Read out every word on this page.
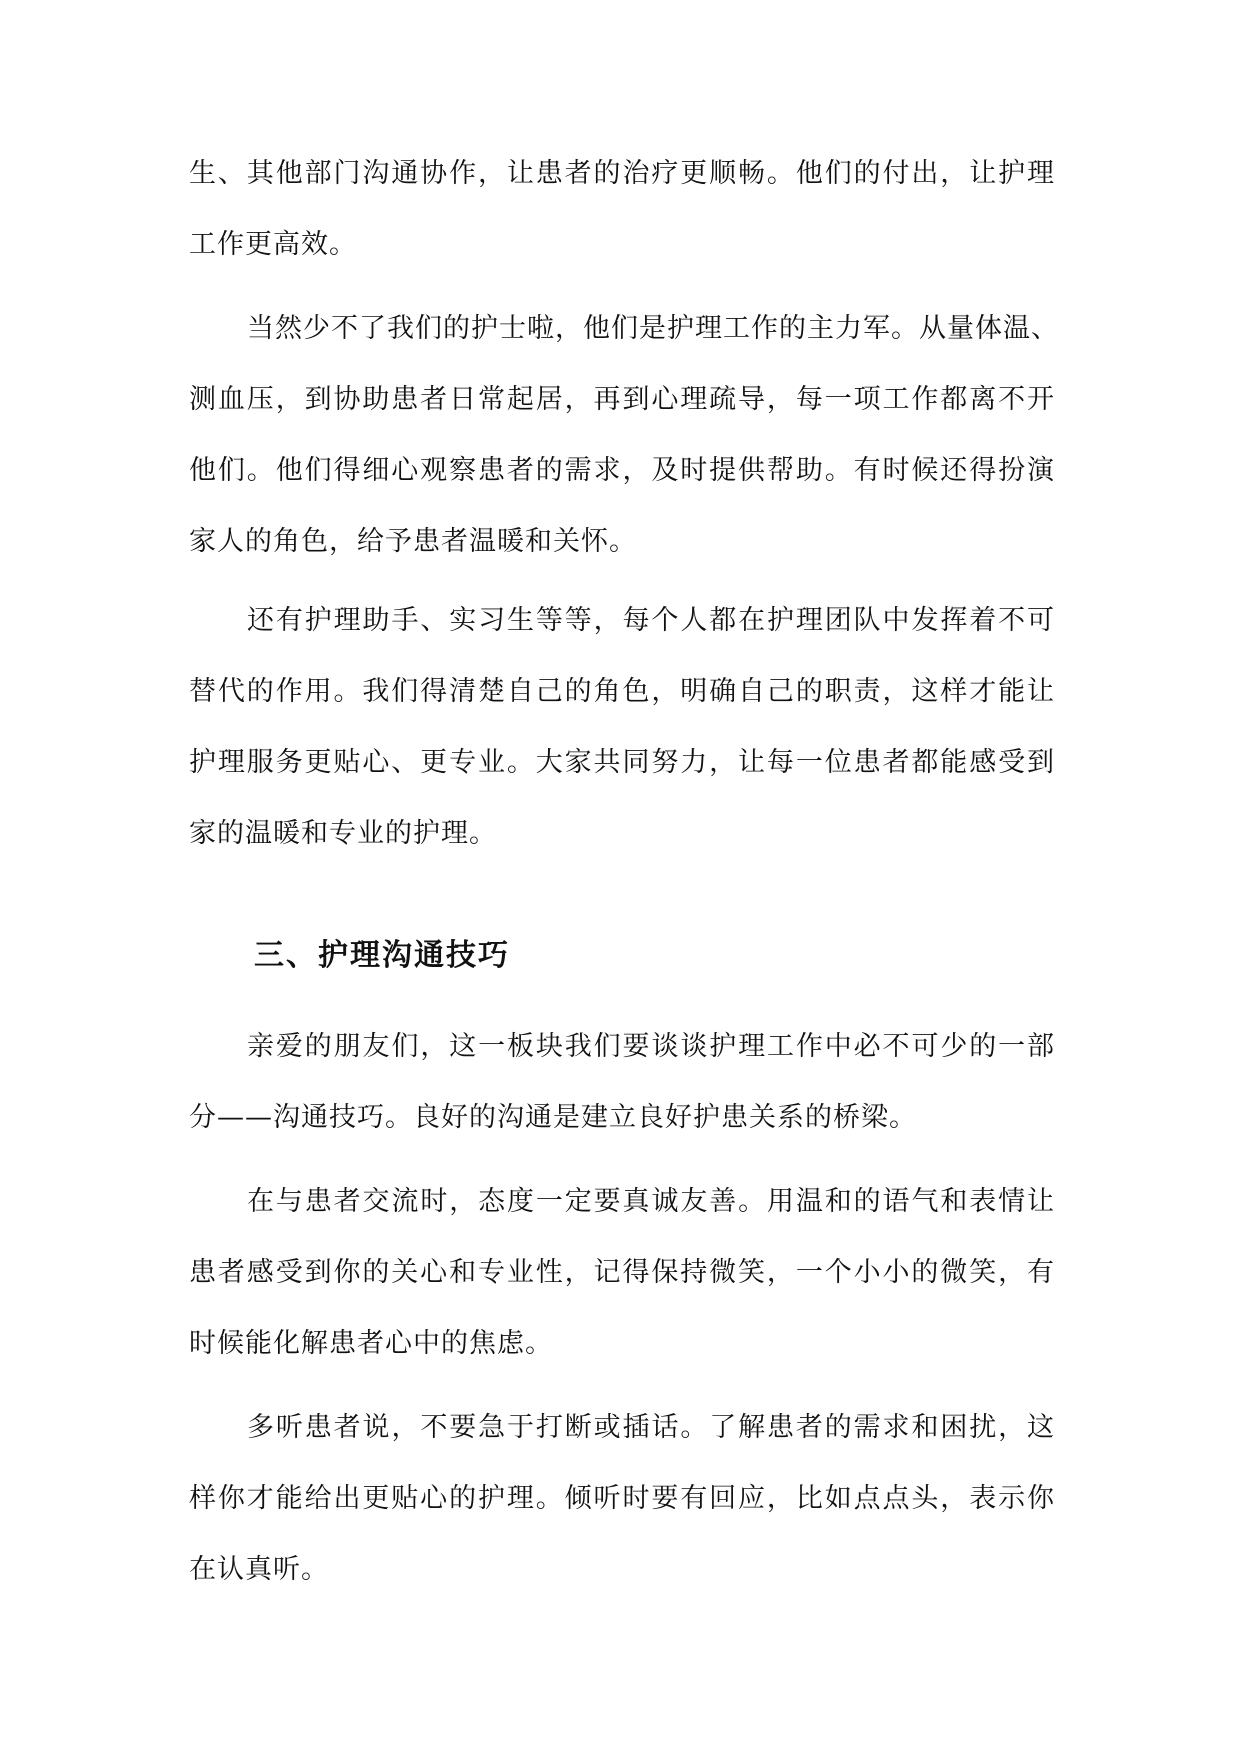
生、其他部门沟通协作，让患者的治疗更顺畅。他们的付出，让护理
工作更高效。
当然少不了我们的护士啦，他们是护理工作的主力军。从量体温、
测血压，到协助患者日常起居，再到心理疏导，每一项工作都离不开
他们。他们得细心观察患者的需求，及时提供帮助。有时候还得扮演
家人的角色，给予患者温暖和关怀。
还有护理助手、实习生等等，每个人都在护理团队中发挥着不可
替代的作用。我们得清楚自己的角色，明确自己的职责，这样才能让
护理服务更贴心、更专业。大家共同努力，让每一位患者都能感受到
家的温暖和专业的护理。
三、护理沟通技巧
亲爱的朋友们，这一板块我们要谈谈护理工作中必不可少的一部
分——沟通技巧。良好的沟通是建立良好护患关系的桥梁。
在与患者交流时，态度一定要真诚友善。用温和的语气和表情让
患者感受到你的关心和专业性，记得保持微笑，一个小小的微笑，有
时候能化解患者心中的焦虑。
多听患者说，不要急于打断或插话。了解患者的需求和困扰，这
样你才能给出更贴心的护理。倾听时要有回应，比如点点头，表示你
在认真听。
